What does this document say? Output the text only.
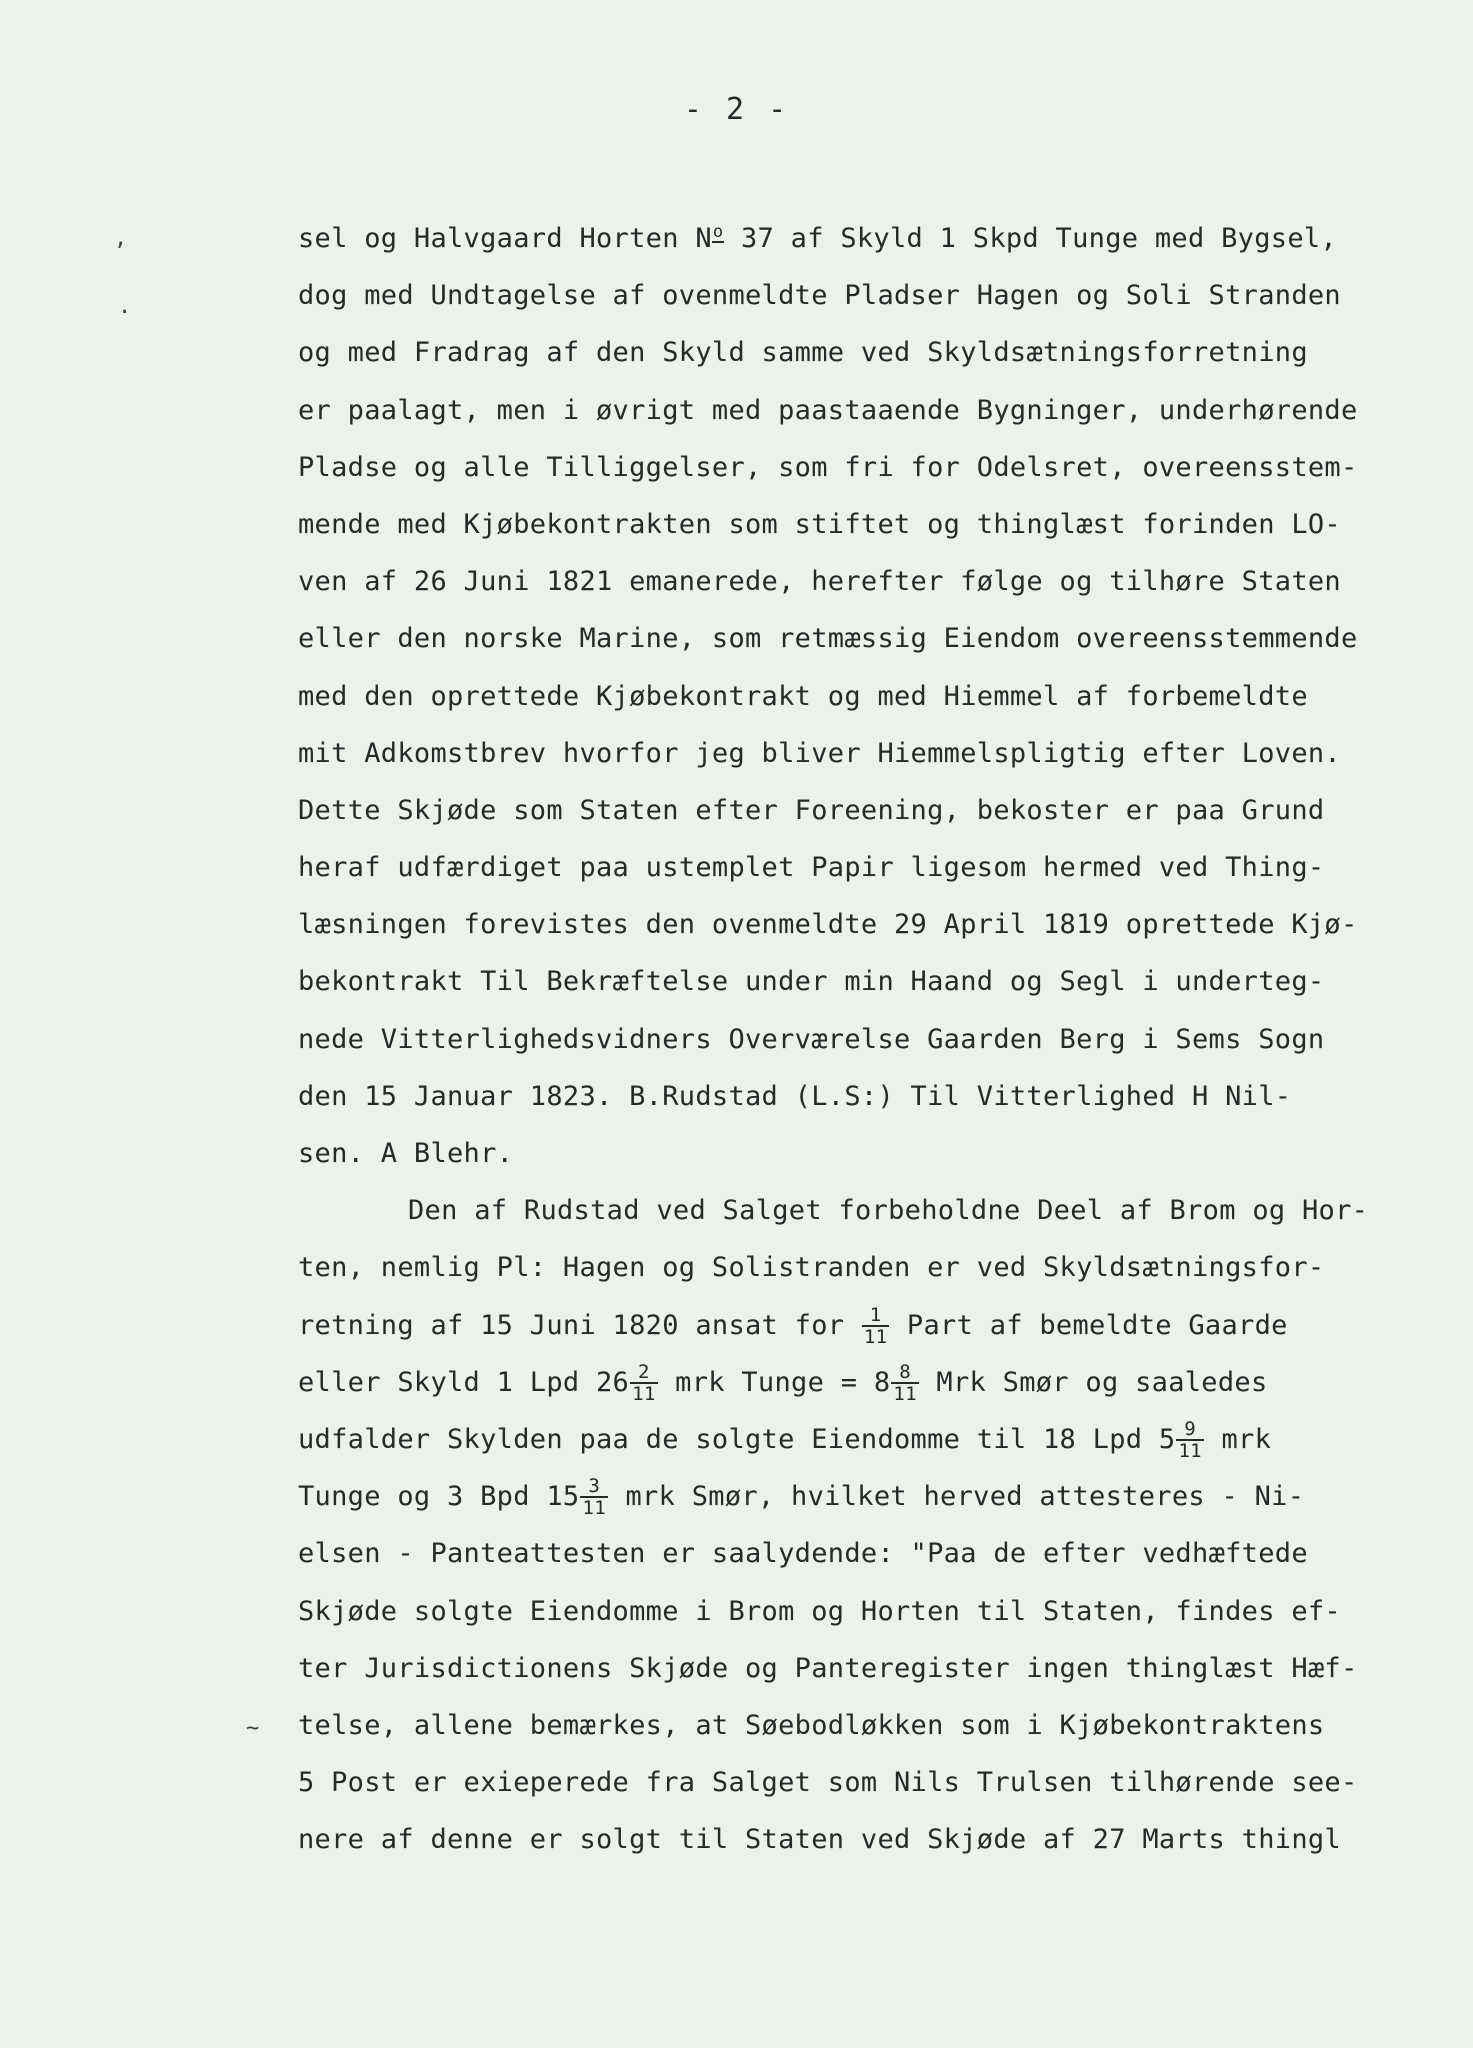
- 2 -
,
.
~
sel og Halvgaard Horten No 37 af Skyld 1 Skpd Tunge med Bygsel,
dog med Undtagelse af ovenmeldte Pladser Hagen og Soli Stranden
og med Fradrag af den Skyld samme ved Skyldsætningsforretning
er paalagt, men i øvrigt med paastaaende Bygninger, underhørende
Pladse og alle Tilliggelser, som fri for Odelsret, overeensstem-
mende med Kjøbekontrakten som stiftet og thinglæst forinden LO-
ven af 26 Juni 1821 emanerede, herefter følge og tilhøre Staten
eller den norske Marine, som retmæssig Eiendom overeensstemmende
med den oprettede Kjøbekontrakt og med Hiemmel af forbemeldte
mit Adkomstbrev hvorfor jeg bliver Hiemmelspligtig efter Loven.
Dette Skjøde som Staten efter Foreening, bekoster er paa Grund
heraf udfærdiget paa ustemplet Papir ligesom hermed ved Thing-
læsningen forevistes den ovenmeldte 29 April 1819 oprettede Kjø-
bekontrakt Til Bekræftelse under min Haand og Segl i underteg-
nede Vitterlighedsvidners Overværelse Gaarden Berg i Sems Sogn
den 15 Januar 1823. B.Rudstad (L.S:) Til Vitterlighed H Nil-
sen. A Blehr.
Den af Rudstad ved Salget forbeholdne Deel af Brom og Hor-
ten, nemlig Pl: Hagen og Solistranden er ved Skyldsætningsfor-
retning af 15 Juni 1820 ansat for $\frac{1}{11}$ Part af bemeldte Gaarde
eller Skyld 1 Lpd $26 \frac{2}{11}$ mrk Tunge = $8 \frac{8}{11}$ Mrk Smør og saaledes
udfalder Skylden paa de solgte Eiendomme til 18 Lpd $5 \frac{9}{11}$ mrk
Tunge og 3 Bpd $15 \frac{3}{11}$ mrk Smør, hvilket herved attesteres - Ni-
elsen - Panteattesten er saalydende: "Paa de efter vedhæftede
Skjøde solgte Eiendomme i Brom og Horten til Staten, findes ef-
ter Jurisdictionens Skjøde og Panteregister ingen thinglæst Hæf-
telse, allene bemærkes, at Søebodløkken som i Kjøbekontraktens
5 Post er exieperede fra Salget som Nils Trulsen tilhørende see-
nere af denne er solgt til Staten ved Skjøde af 27 Marts thingl
